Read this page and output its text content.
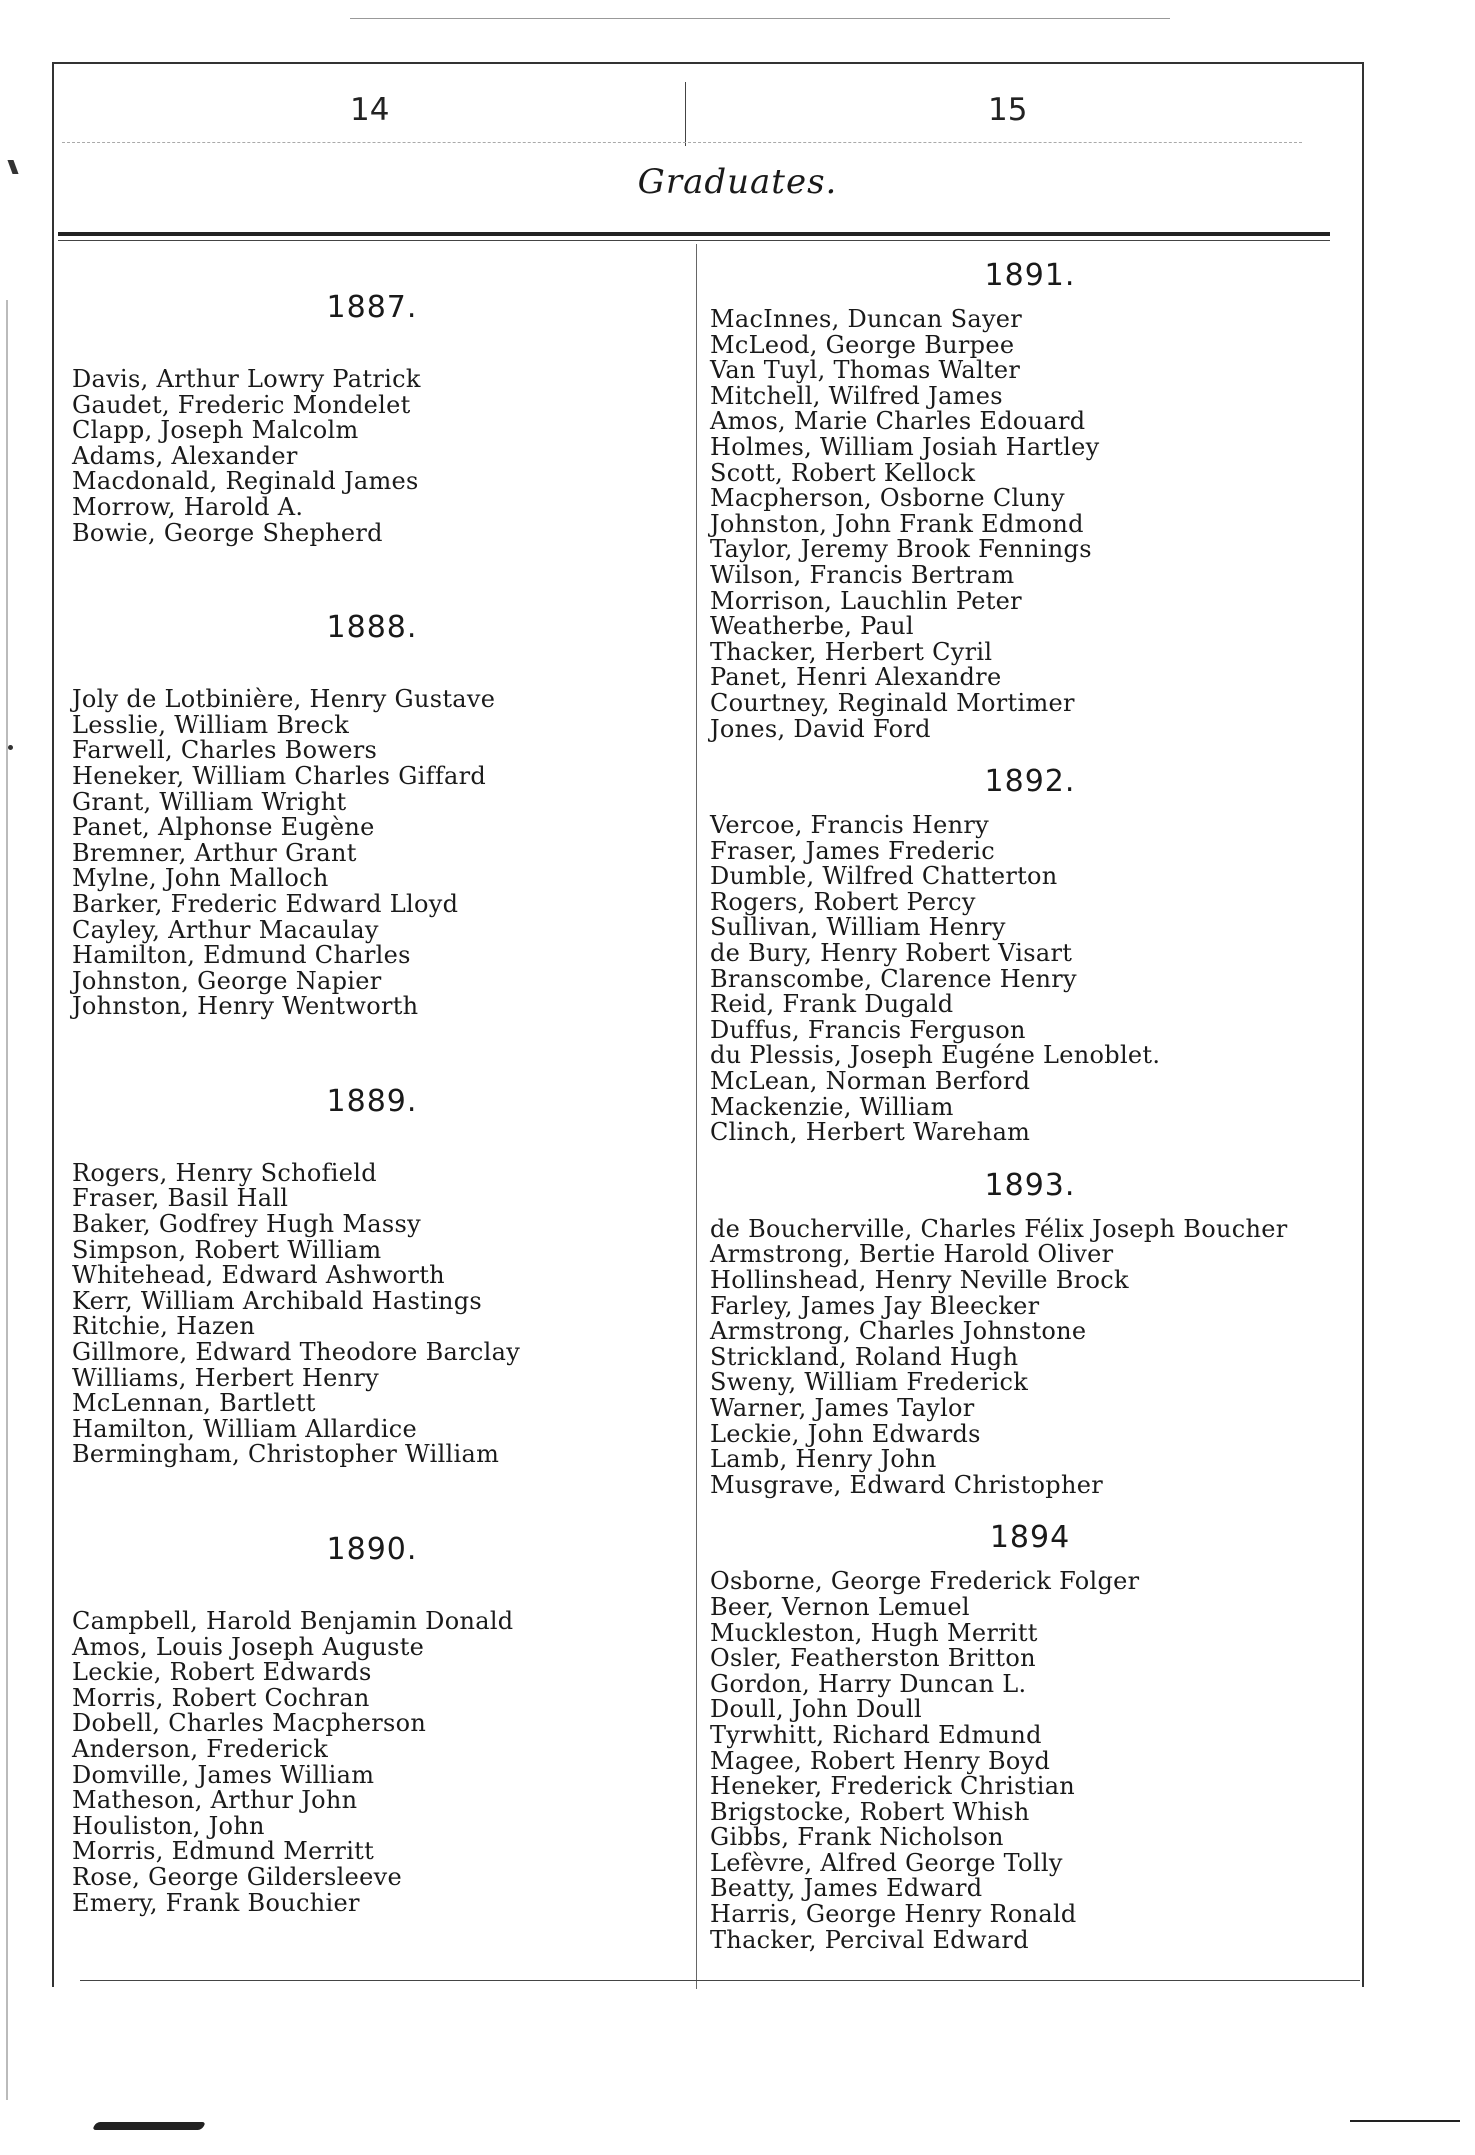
14	15
Graduates.
1887.
Davis, Arthur Lowry Patrick
Gaudet, Frederic Mondelet
Clapp, Joseph Malcolm
Adams, Alexander
Macdonald, Reginald James
Morrow, Harold A.
Bowie, George Shepherd
1888.
Joly de Lotbinière, Henry Gustave
Lesslie, William Breck
Farwell, Charles Bowers
Heneker, William Charles Giffard
Grant, William Wright
Panet, Alphonse Eugène
Bremner, Arthur Grant
Mylne, John Malloch
Barker, Frederic Edward Lloyd
Cayley, Arthur Macaulay
Hamilton, Edmund Charles
Johnston, George Napier
Johnston, Henry Wentworth
1889.
Rogers, Henry Schofield
Fraser, Basil Hall
Baker, Godfrey Hugh Massy
Simpson, Robert William
Whitehead, Edward Ashworth
Kerr, William Archibald Hastings
Ritchie, Hazen
Gillmore, Edward Theodore Barclay
Williams, Herbert Henry
McLennan, Bartlett
Hamilton, William Allardice
Bermingham, Christopher William
1890.
Campbell, Harold Benjamin Donald
Amos, Louis Joseph Auguste
Leckie, Robert Edwards
Morris, Robert Cochran
Dobell, Charles Macpherson
Anderson, Frederick
Domville, James William
Matheson, Arthur John
Houliston, John
Morris, Edmund Merritt
Rose, George Gildersleeve
Emery, Frank Bouchier
1891.
MacInnes, Duncan Sayer
McLeod, George Burpee
Van Tuyl, Thomas Walter
Mitchell, Wilfred James
Amos, Marie Charles Edouard
Holmes, William Josiah Hartley
Scott, Robert Kellock
Macpherson, Osborne Cluny
Johnston, John Frank Edmond
Taylor, Jeremy Brook Fennings
Wilson, Francis Bertram
Morrison, Lauchlin Peter
Weatherbe, Paul
Thacker, Herbert Cyril
Panet, Henri Alexandre
Courtney, Reginald Mortimer
Jones, David Ford
1892.
Vercoe, Francis Henry
Fraser, James Frederic
Dumble, Wilfred Chatterton
Rogers, Robert Percy
Sullivan, William Henry
de Bury, Henry Robert Visart
Branscombe, Clarence Henry
Reid, Frank Dugald
Duffus, Francis Ferguson
du Plessis, Joseph Eugéne Lenoblet.
McLean, Norman Berford
Mackenzie, William
Clinch, Herbert Wareham
1893.
de Boucherville, Charles Félix Joseph Boucher
Armstrong, Bertie Harold Oliver
Hollinshead, Henry Neville Brock
Farley, James Jay Bleecker
Armstrong, Charles Johnstone
Strickland, Roland Hugh
Sweny, William Frederick
Warner, James Taylor
Leckie, John Edwards
Lamb, Henry John
Musgrave, Edward Christopher
1894
Osborne, George Frederick Folger
Beer, Vernon Lemuel
Muckleston, Hugh Merritt
Osler, Featherston Britton
Gordon, Harry Duncan L.
Doull, John Doull
Tyrwhitt, Richard Edmund
Magee, Robert Henry Boyd
Heneker, Frederick Christian
Brigstocke, Robert Whish
Gibbs, Frank Nicholson
Lefèvre, Alfred George Tolly
Beatty, James Edward
Harris, George Henry Ronald
Thacker, Percival Edward
